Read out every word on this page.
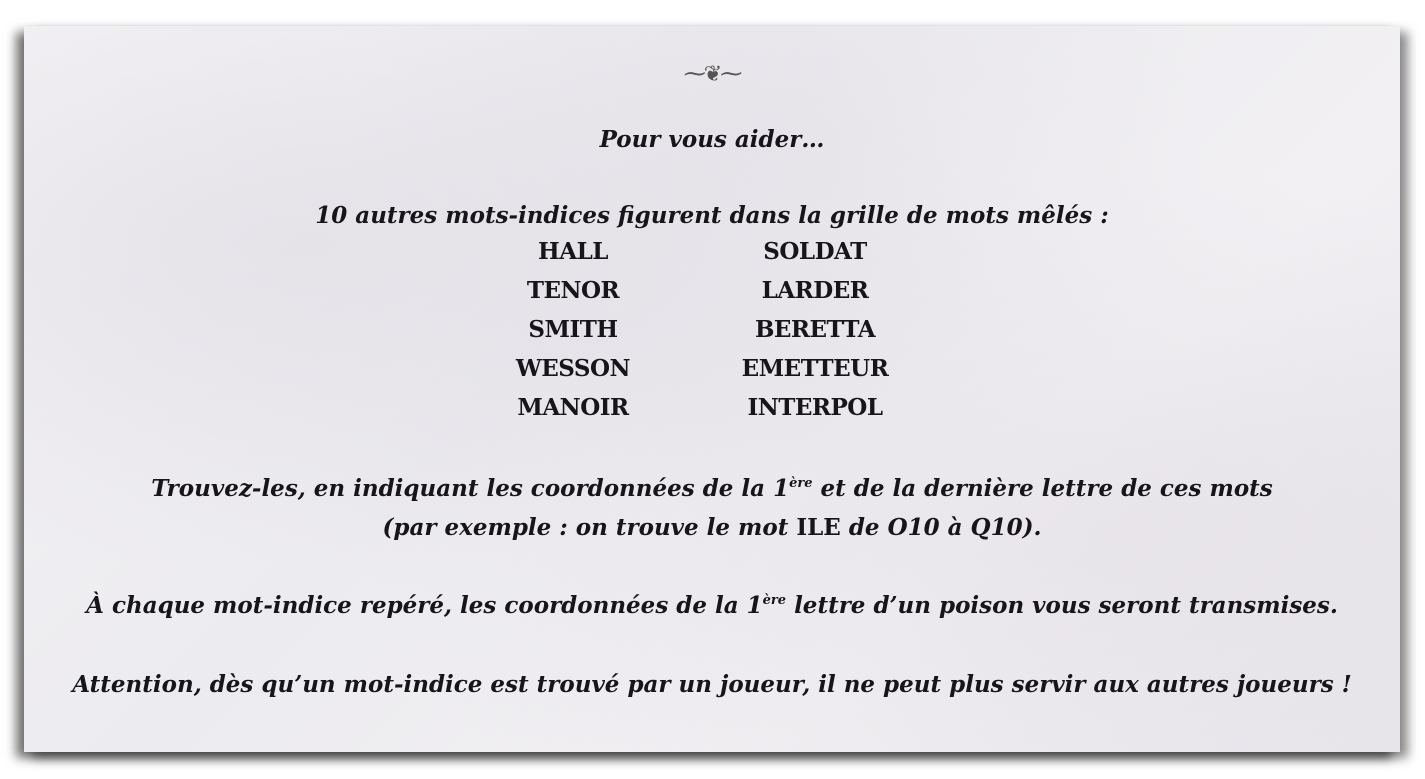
⁓❦⁓
Pour vous aider…
10 autres mots-indices figurent dans la grille de mots mêlés :
HALL	SOLDAT
TENOR	LARDER
SMITH	BERETTA
WESSON	EMETTEUR
MANOIR	INTERPOL
Trouvez-les, en indiquant les coordonnées de la 1ère et de la dernière lettre de ces mots
(par exemple : on trouve le mot ILE de O10 à Q10).
À chaque mot-indice repéré, les coordonnées de la 1ère lettre d’un poison vous seront transmises.
Attention, dès qu’un mot-indice est trouvé par un joueur, il ne peut plus servir aux autres joueurs !
